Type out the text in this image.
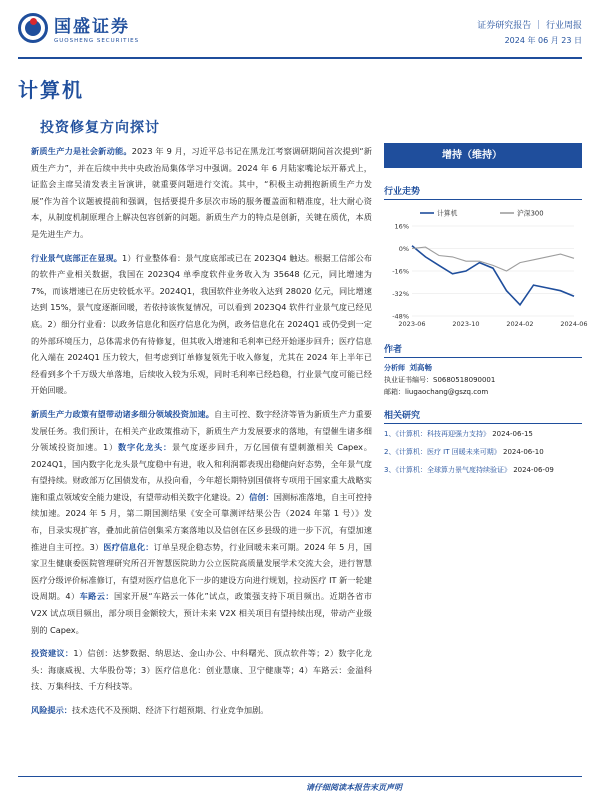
国盛证券
GUOSHENG SECURITIES
证券研究报告 ｜ 行业周报
2024 年 06 月 23 日
计算机
投资修复方向探讨

新质生产力是社会新动能。2023 年 9 月，习近平总书记在黑龙江考察调研期间首次提到“新质生产力”，并在后续中共中央政治局集体学习中强调。2024 年 6 月陆家嘴论坛开幕式上，证监会主席吴清发表主旨演讲，就重要问题进行交流。其中，“积极主动拥抱新质生产力发展”作为首个议题被提前和强调，包括要提升多层次市场的服务覆盖面和精准度，壮大耐心资本，从制度机制原理合上解决包容创新的问题。新质生产力的特点是创新，关键在质优，本质是先进生产力。

行业景气底部正在显现。1）行业整体看：景气度底部或已在 2023Q4 触达。根据工信部公布的软件产业相关数据，我国在 2023Q4 单季度软件业务收入为 35648 亿元，同比增速为 7%，而该增速已在历史较低水平。2024Q1，我国软件业务收入达到 28020 亿元，同比增速达到 15%，景气度逐渐回暖，若依持该恢复情况，可以看到 2023Q4 软件行业景气度已经见底。2）细分行业看：以政务信息化和医疗信息化为例，政务信息化在 2024Q1 或仍受到一定的外部环境压力，总体需求仍有待修复，但其收入增速和毛利率已经开始逐步回升；医疗信息化入端在 2024Q1 压力较大，但考虑到订单修复领先于收入修复，尤其在 2024 年上半年已经看到多个千万级大单落地，后续收入较为乐观，同时毛利率已经趋稳，行业景气度可能已经开始回暖。

新质生产力政策有望带动诸多细分领域投资加速。自主可控、数字经济等皆为新质生产力重要发展任务。我们预计，在相关产业政策推动下，新质生产力发展要求的落地，有望催生诸多细分领域投资加速。1）数字化龙头：景气度逐步回升，万亿国债有望刺激相关 Capex。2024Q1，国内数字化龙头景气度稳中有进，收入和利润都表现出稳健向好态势，全年景气度有望持续。财政部万亿国债发布，从投向看，今年超长期特别国债将专项用于国家重大战略实施和重点领域安全能力建设，有望带动相关数字化建设。2）信创：国测标准落地，自主可控持续加速。2024 年 5 月，第二期国测结果《安全可靠测评结果公告（2024 年第 1 号）》发布，目录实现扩容，叠加此前信创集采方案落地以及信创在区乡县级的进一步下沉，有望加速推进自主可控。3）医疗信息化：订单呈现企稳态势，行业回暖未来可期。2024 年 5 月，国家卫生健康委医院管理研究所召开智慧医院助力公立医院高质量发展学术交流大会，进行智慧医疗分级评价标准修订，有望对医疗信息化下一步的建设方向进行规划，拉动医疗 IT 新一轮建设周期。4）车路云：国家开展“车路云一体化”试点，政策强支持下项目频出。近期各省市 V2X 试点项目频出，部分项目金额较大，预计未来 V2X 相关项目有望持续出现，带动产业级别的 Capex。

投资建议：1）信创：达梦数据、纳思达、金山办公、中科曙光、顶点软件等；2）数字化龙头：海康威视、大华股份等；3）医疗信息化：创业慧康、卫宁健康等；4）车路云：金溢科技、万集科技、千方科技等。

风险提示：技术迭代不及预期、经济下行超预期、行业竞争加剧。

增持（维持）
行业走势
16%
0%
-16%
-32%
-48%
2023-06	2023-10	2024-02	2024-06
计算机	沪深300
作者
分析师 刘高畅
执业证书编号：S0680518090001
邮箱：liugaochang@gszq.com
相关研究
1、《计算机：科技再迎强力支持》 2024-06-15
2、《计算机：医疗 IT 回暖未来可期》 2024-06-10
3、《计算机：全球算力景气度持续验证》 2024-06-09
请仔细阅读本报告末页声明
